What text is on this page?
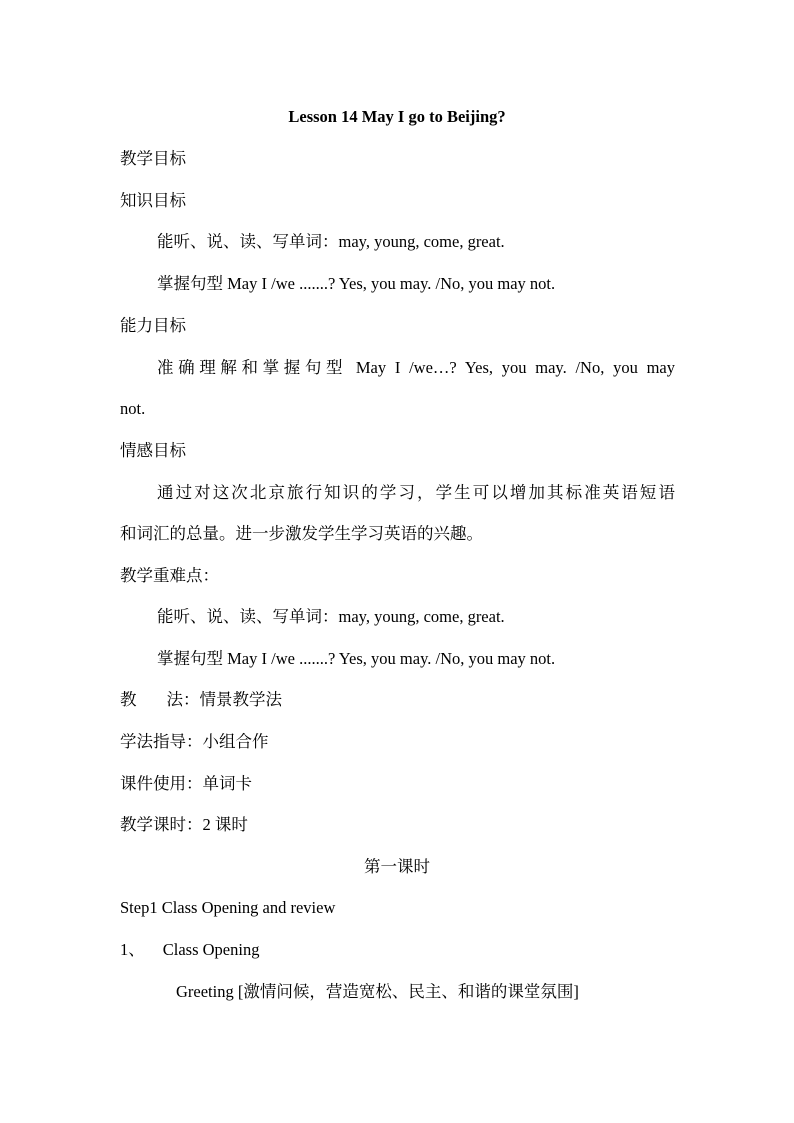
Lesson 14 May I go to Beijing?
教学目标
知识目标
能听、说、读、写单词：may, young, come, great.
掌握句型 May I /we .......? Yes, you may. /No, you may not.
能力目标
准确理解和掌握句型 May I /we…? Yes, you may. /No, you may
not.
情感目标
通过对这次北京旅行知识的学习，学生可以增加其标准英语短语
和词汇的总量。进一步激发学生学习英语的兴趣。
教学重难点：
能听、说、读、写单词：may, young, come, great.
掌握句型 May I /we .......? Yes, you may. /No, you may not.
教 法：情景教学法
学法指导：小组合作
课件使用：单词卡
教学课时：2 课时
第一课时
Step1 Class Opening and review
1、 Class Opening
Greeting [激情问候，营造宽松、民主、和谐的课堂氛围]
